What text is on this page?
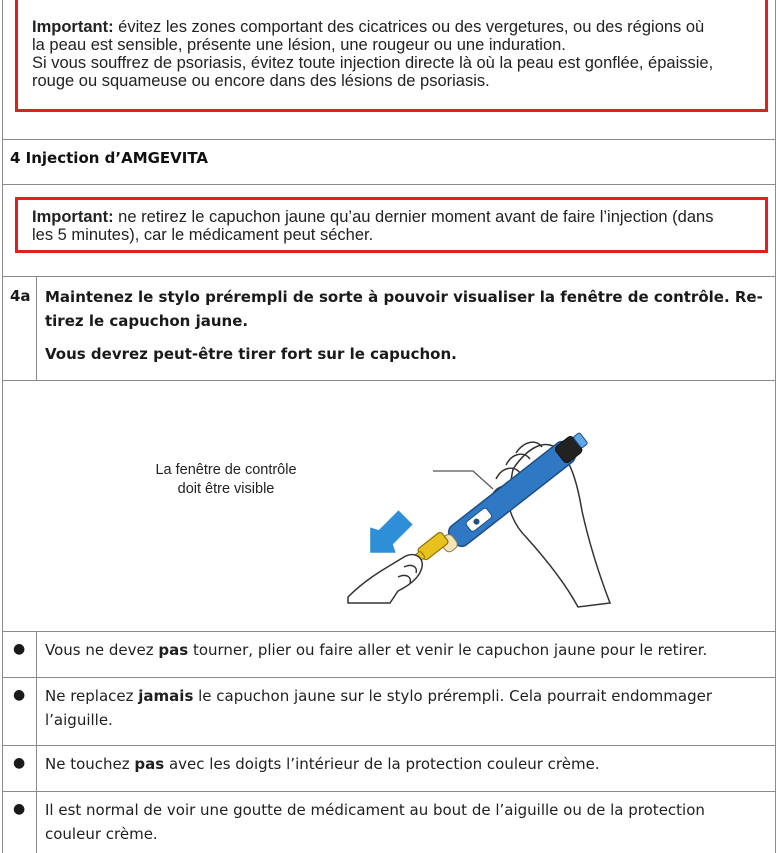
Important: évitez les zones comportant des cicatrices ou des vergetures, ou des régions où

la peau est sensible, présente une lésion, une rougeur ou une induration.

Si vous souffrez de psoriasis, évitez toute injection directe là où la peau est gonflée, épaissie,

rouge ou squameuse ou encore dans des lésions de psoriasis.

4 Injection d’AMGEVITA

Important: ne retirez le capuchon jaune qu’au dernier moment avant de faire l’injection (dans

les 5 minutes), car le médicament peut sécher.

4a Maintenez le stylo prérempli de sorte à pouvoir visualiser la fenêtre de contrôle. Re-
tirez le capuchon jaune.

Vous devrez peut-être tirer fort sur le capuchon.

La fenêtre de contrôle
doit être visible
● Vous ne devez pas tourner, plier ou faire aller et venir le capuchon jaune pour le retirer.
● Ne replacez jamais le capuchon jaune sur le stylo prérempli. Cela pourrait endommager
l’aiguille.
● Ne touchez pas avec les doigts l’intérieur de la protection couleur crème.
● Il est normal de voir une goutte de médicament au bout de l’aiguille ou de la protection
couleur crème.
